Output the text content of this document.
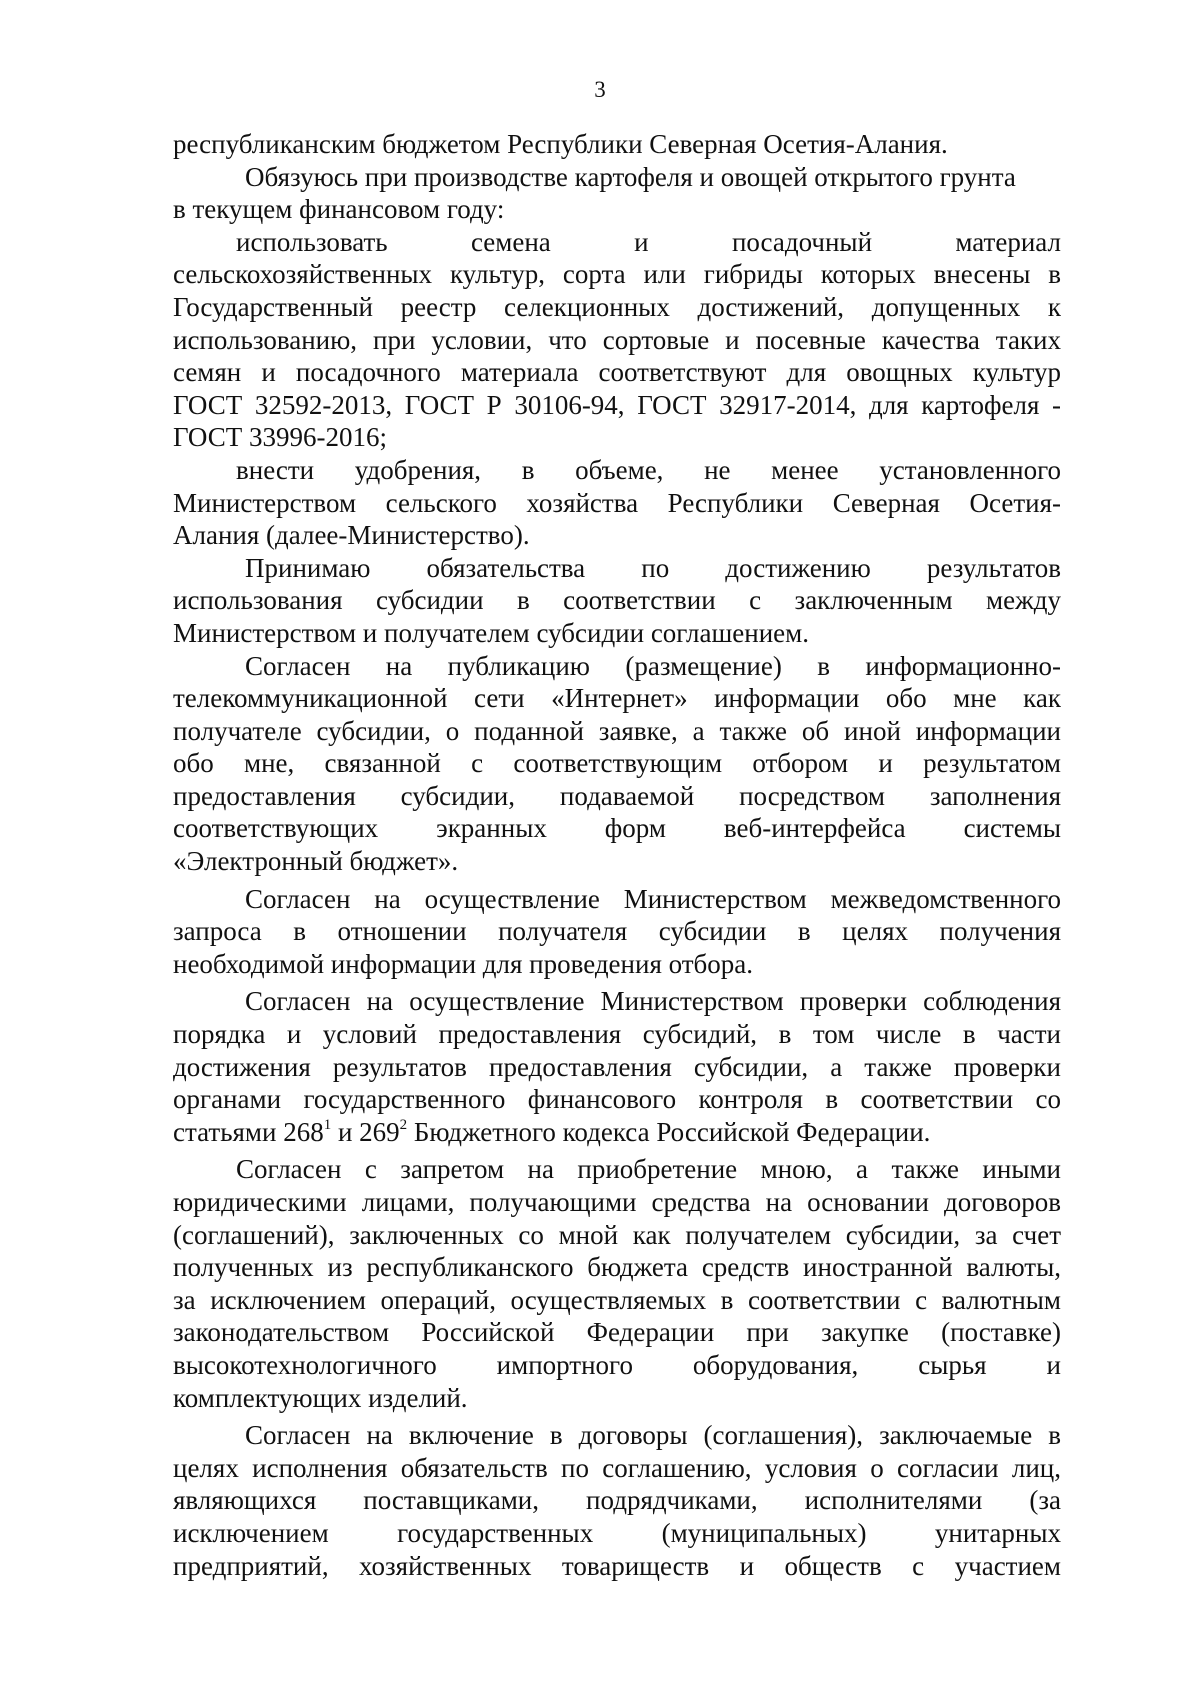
3
республиканским бюджетом Республики Северная Осетия-Алания.
Обязуюсь при производстве картофеля и овощей открытого грунта
в текущем финансовом году:
использовать семена и посадочный материал
сельскохозяйственных культур, сорта или гибриды которых внесены в
Государственный реестр селекционных достижений, допущенных к
использованию, при условии, что сортовые и посевные качества таких
семян и посадочного материала соответствуют для овощных культур
ГОСТ 32592-2013, ГОСТ Р 30106-94, ГОСТ 32917-2014, для картофеля -
ГОСТ 33996-2016;
внести удобрения, в объеме, не менее установленного
Министерством сельского хозяйства Республики Северная Осетия-
Алания (далее-Министерство).
Принимаю обязательства по достижению результатов
использования субсидии в соответствии с заключенным между
Министерством и получателем субсидии соглашением.
Согласен на публикацию (размещение) в информационно-
телекоммуникационной сети «Интернет» информации обо мне как
получателе субсидии, о поданной заявке, а также об иной информации
обо мне, связанной с соответствующим отбором и результатом
предоставления субсидии, подаваемой посредством заполнения
соответствующих экранных форм веб-интерфейса системы
«Электронный бюджет».
Согласен на осуществление Министерством межведомственного
запроса в отношении получателя субсидии в целях получения
необходимой информации для проведения отбора.
Согласен на осуществление Министерством проверки соблюдения
порядка и условий предоставления субсидий, в том числе в части
достижения результатов предоставления субсидии, а также проверки
органами государственного финансового контроля в соответствии со
статьями $268^1$ и $269^2$ Бюджетного кодекса Российской Федерации.
Согласен с запретом на приобретение мною, а также иными
юридическими лицами, получающими средства на основании договоров
(соглашений), заключенных со мной как получателем субсидии, за счет
полученных из республиканского бюджета средств иностранной валюты,
за исключением операций, осуществляемых в соответствии с валютным
законодательством Российской Федерации при закупке (поставке)
высокотехнологичного импортного оборудования, сырья и
комплектующих изделий.
Согласен на включение в договоры (соглашения), заключаемые в
целях исполнения обязательств по соглашению, условия о согласии лиц,
являющихся поставщиками, подрядчиками, исполнителями (за
исключением государственных (муниципальных) унитарных
предприятий, хозяйственных товариществ и обществ с участием
